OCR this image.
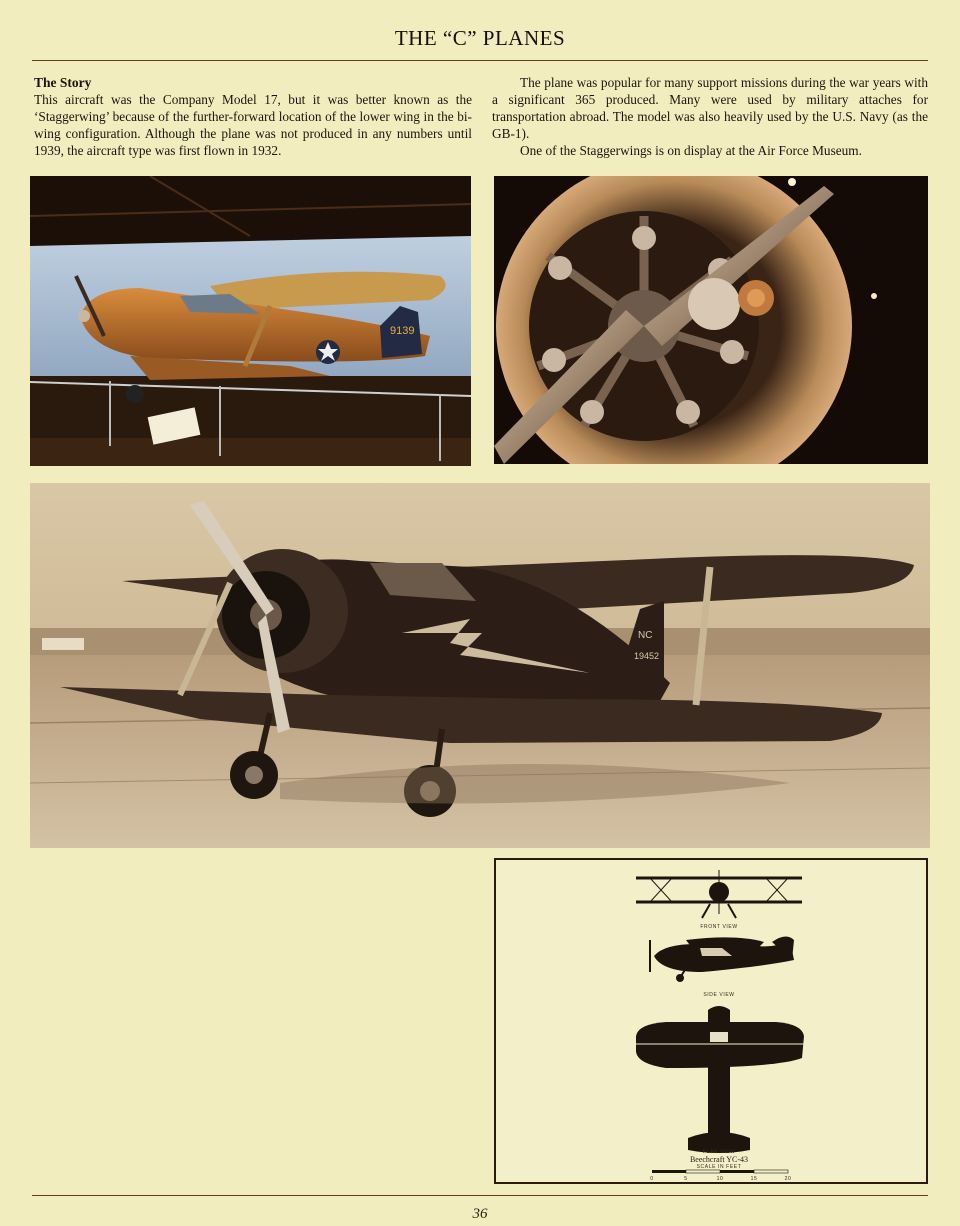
THE “C” PLANES

The Story

This aircraft was the Company Model 17, but it was better known as the ‘Staggerwing’ because of the further-forward location of the lower wing in the bi-wing configuration. Although the plane was not produced in any numbers until 1939, the aircraft type was first flown in 1932.

The plane was popular for many support missions during the war years with a significant 365 produced. Many were used by military attaches for transportation abroad. The model was also heavily used by the U.S. Navy (as the GB-1).

One of the Staggerwings is on display at the Air Force Museum.

9139
NC
19452
FRONT VIEW
SIDE VIEW
PLAN VIEW
Beechcraft YC-43
SCALE IN FEET
0	5	10	15	20
36
